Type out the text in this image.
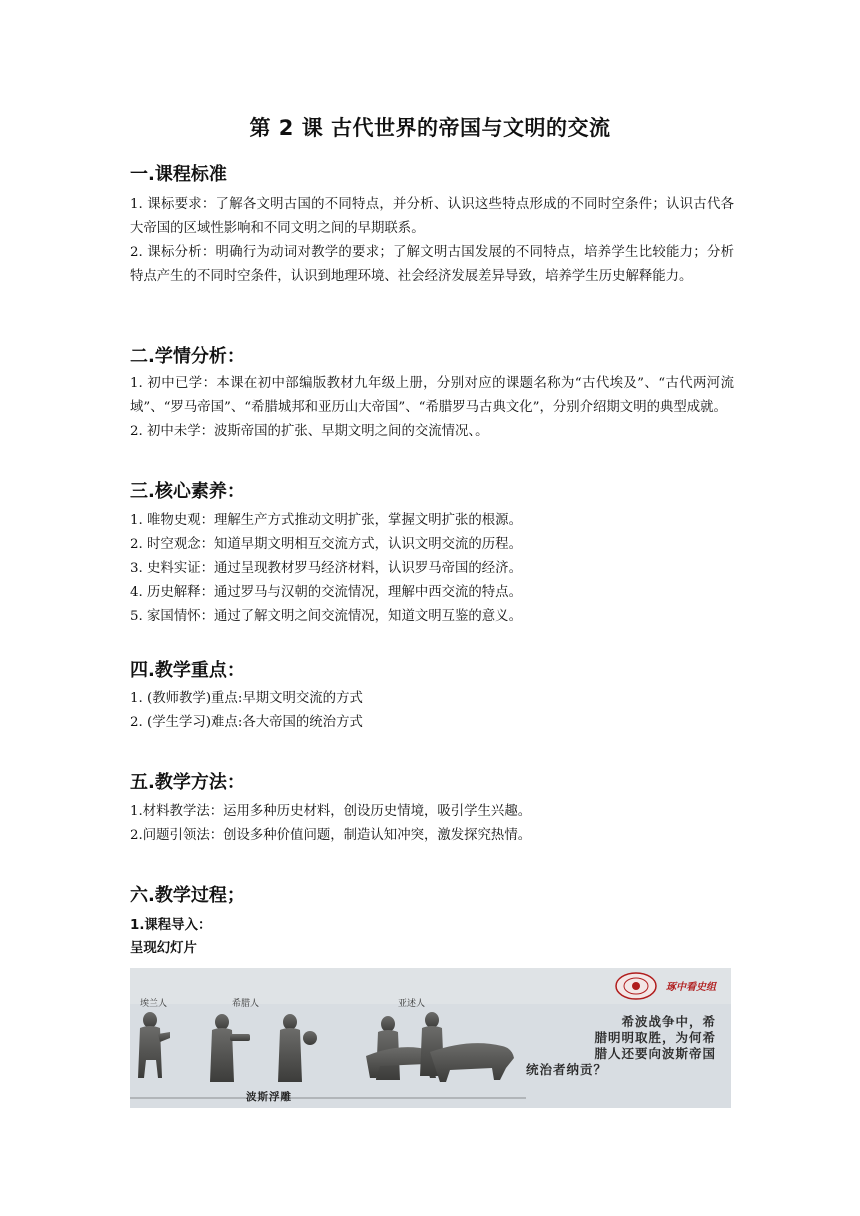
第 2 课 古代世界的帝国与文明的交流
一.课程标准

1. 课标要求：了解各文明古国的不同特点，并分析、认识这些特点形成的不同时空条件；认识古代各大帝国的区域性影响和不同文明之间的早期联系。

2. 课标分析：明确行为动词对教学的要求；了解文明古国发展的不同特点，培养学生比较能力；分析特点产生的不同时空条件，认识到地理环境、社会经济发展差异导致，培养学生历史解释能力。

二.学情分析：

1. 初中已学：本课在初中部编版教材九年级上册，分别对应的课题名称为“古代埃及”、“古代两河流域”、“罗马帝国”、“希腊城邦和亚历山大帝国”、“希腊罗马古典文化”，分别介绍期文明的典型成就。

2. 初中未学：波斯帝国的扩张、早期文明之间的交流情况、。

三.核心素养：

1. 唯物史观：理解生产方式推动文明扩张，掌握文明扩张的根源。

2. 时空观念：知道早期文明相互交流方式，认识文明交流的历程。

3. 史料实证：通过呈现教材罗马经济材料，认识罗马帝国的经济。

4. 历史解释：通过罗马与汉朝的交流情况，理解中西交流的特点。

5. 家国情怀：通过了解文明之间交流情况，知道文明互鉴的意义。

四.教学重点：

1. (教师教学)重点:早期文明交流的方式

2. (学生学习)难点:各大帝国的统治方式

五.教学方法：

1.材料教学法：运用多种历史材料，创设历史情境，吸引学生兴趣。

2.问题引领法：创设多种价值问题，制造认知冲突，激发探究热情。

六.教学过程；
1.课程导入：
呈现幻灯片
琢中看史组
埃兰人	希腊人	亚述人
希波战争中，希
腊明明取胜，为何希
腊人还要向波斯帝国
统治者纳贡？
波斯浮雕
